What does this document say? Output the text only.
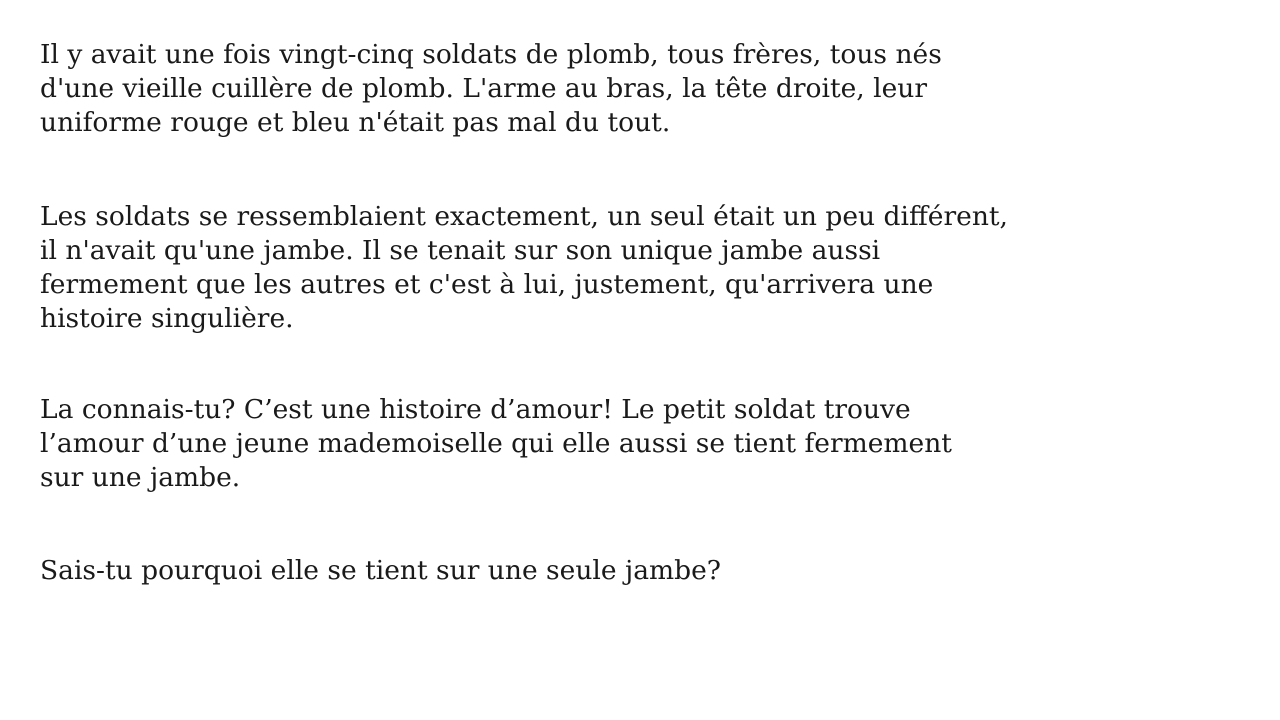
Il y avait une fois vingt-cinq soldats de plomb, tous frères, tous nés
d'une vieille cuillère de plomb. L'arme au bras, la tête droite, leur
uniforme rouge et bleu n'était pas mal du tout.

Les soldats se ressemblaient exactement, un seul était un peu différent,
il n'avait qu'une jambe. Il se tenait sur son unique jambe aussi
fermement que les autres et c'est à lui, justement, qu'arrivera une
histoire singulière.

La connais-tu? C’est une histoire d’amour! Le petit soldat trouve
l’amour d’une jeune mademoiselle qui elle aussi se tient fermement
sur une jambe.

Sais-tu pourquoi elle se tient sur une seule jambe?
